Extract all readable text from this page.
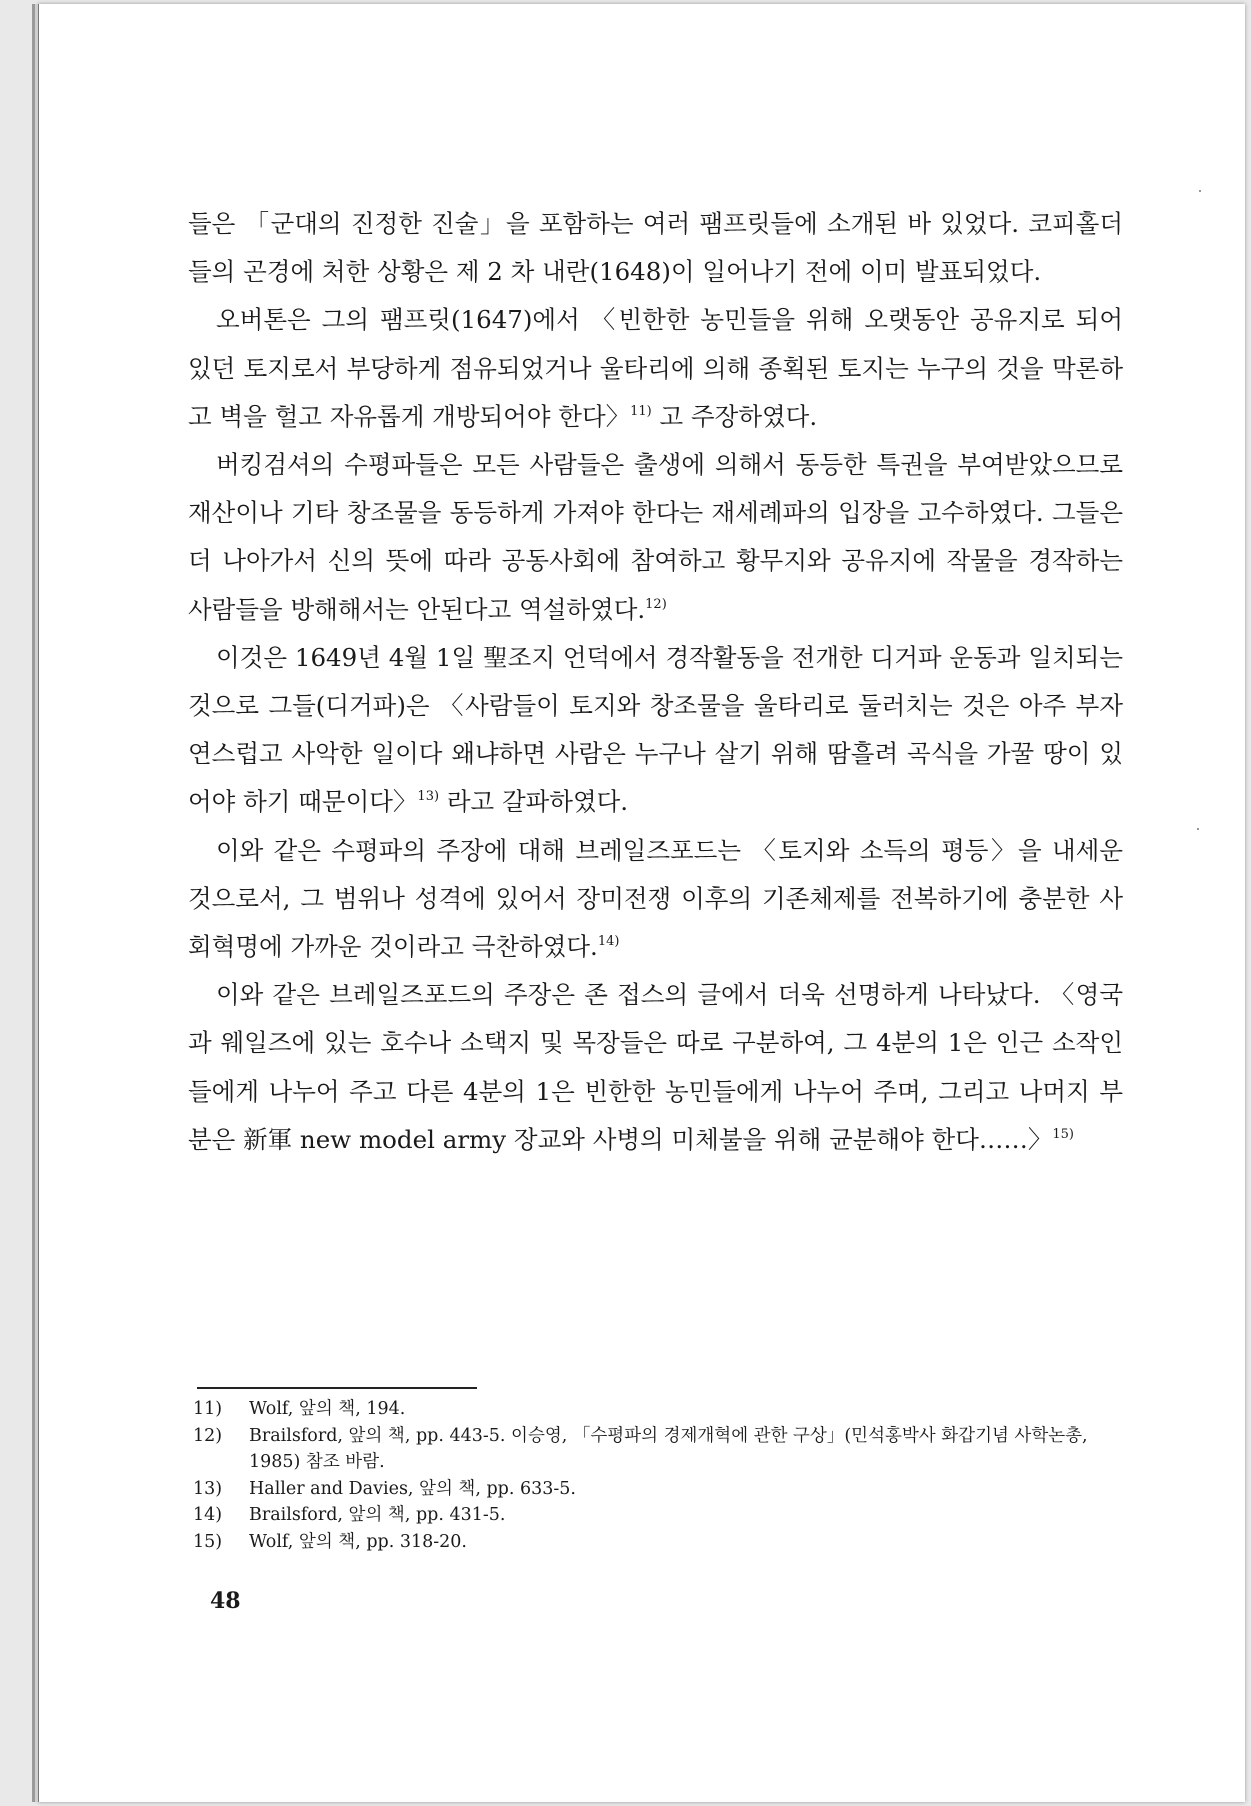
들은 「군대의 진정한 진술」을 포함하는 여러 팸프릿들에 소개된 바 있었다. 코피홀더들의 곤경에 처한 상황은 제 2 차 내란(1648)이 일어나기 전에 이미 발표되었다.

오버톤은 그의 팸프릿(1647)에서 〈빈한한 농민들을 위해 오랫동안 공유지로 되어 있던 토지로서 부당하게 점유되었거나 울타리에 의해 종획된 토지는 누구의 것을 막론하고 벽을 헐고 자유롭게 개방되어야 한다〉$^{11)}$ 고 주장하였다.

버킹검셔의 수평파들은 모든 사람들은 출생에 의해서 동등한 특권을 부여받았으므로 재산이나 기타 창조물을 동등하게 가져야 한다는 재세례파의 입장을 고수하였다. 그들은 더 나아가서 신의 뜻에 따라 공동사회에 참여하고 황무지와 공유지에 작물을 경작하는 사람들을 방해해서는 안된다고 역설하였다.$^{12)}$

이것은 1649년 4월 1일 聖조지 언덕에서 경작활동을 전개한 디거파 운동과 일치되는 것으로 그들(디거파)은 〈사람들이 토지와 창조물을 울타리로 둘러치는 것은 아주 부자연스럽고 사악한 일이다 왜냐하면 사람은 누구나 살기 위해 땀흘려 곡식을 가꿀 땅이 있어야 하기 때문이다〉$^{13)}$ 라고 갈파하였다.

이와 같은 수평파의 주장에 대해 브레일즈포드는 〈토지와 소득의 평등〉을 내세운 것으로서, 그 범위나 성격에 있어서 장미전쟁 이후의 기존체제를 전복하기에 충분한 사회혁명에 가까운 것이라고 극찬하였다.$^{14)}$

이와 같은 브레일즈포드의 주장은 존 접스의 글에서 더욱 선명하게 나타났다. 〈영국과 웨일즈에 있는 호수나 소택지 및 목장들은 따로 구분하여, 그 4분의 1은 인근 소작인들에게 나누어 주고 다른 4분의 1은 빈한한 농민들에게 나누어 주며, 그리고 나머지 부분은 新軍 new model army 장교와 사병의 미체불을 위해 균분해야 한다……〉$^{15)}$

11)	Wolf, 앞의 책, 194.
12)	Brailsford, 앞의 책, pp. 443-5. 이승영, 「수평파의 경제개혁에 관한 구상」(민석홍박사 화갑기념 사학논총, 1985) 참조 바람.
13)	Haller and Davies, 앞의 책, pp. 633-5.
14)	Brailsford, 앞의 책, pp. 431-5.
15)	Wolf, 앞의 책, pp. 318-20.
48
